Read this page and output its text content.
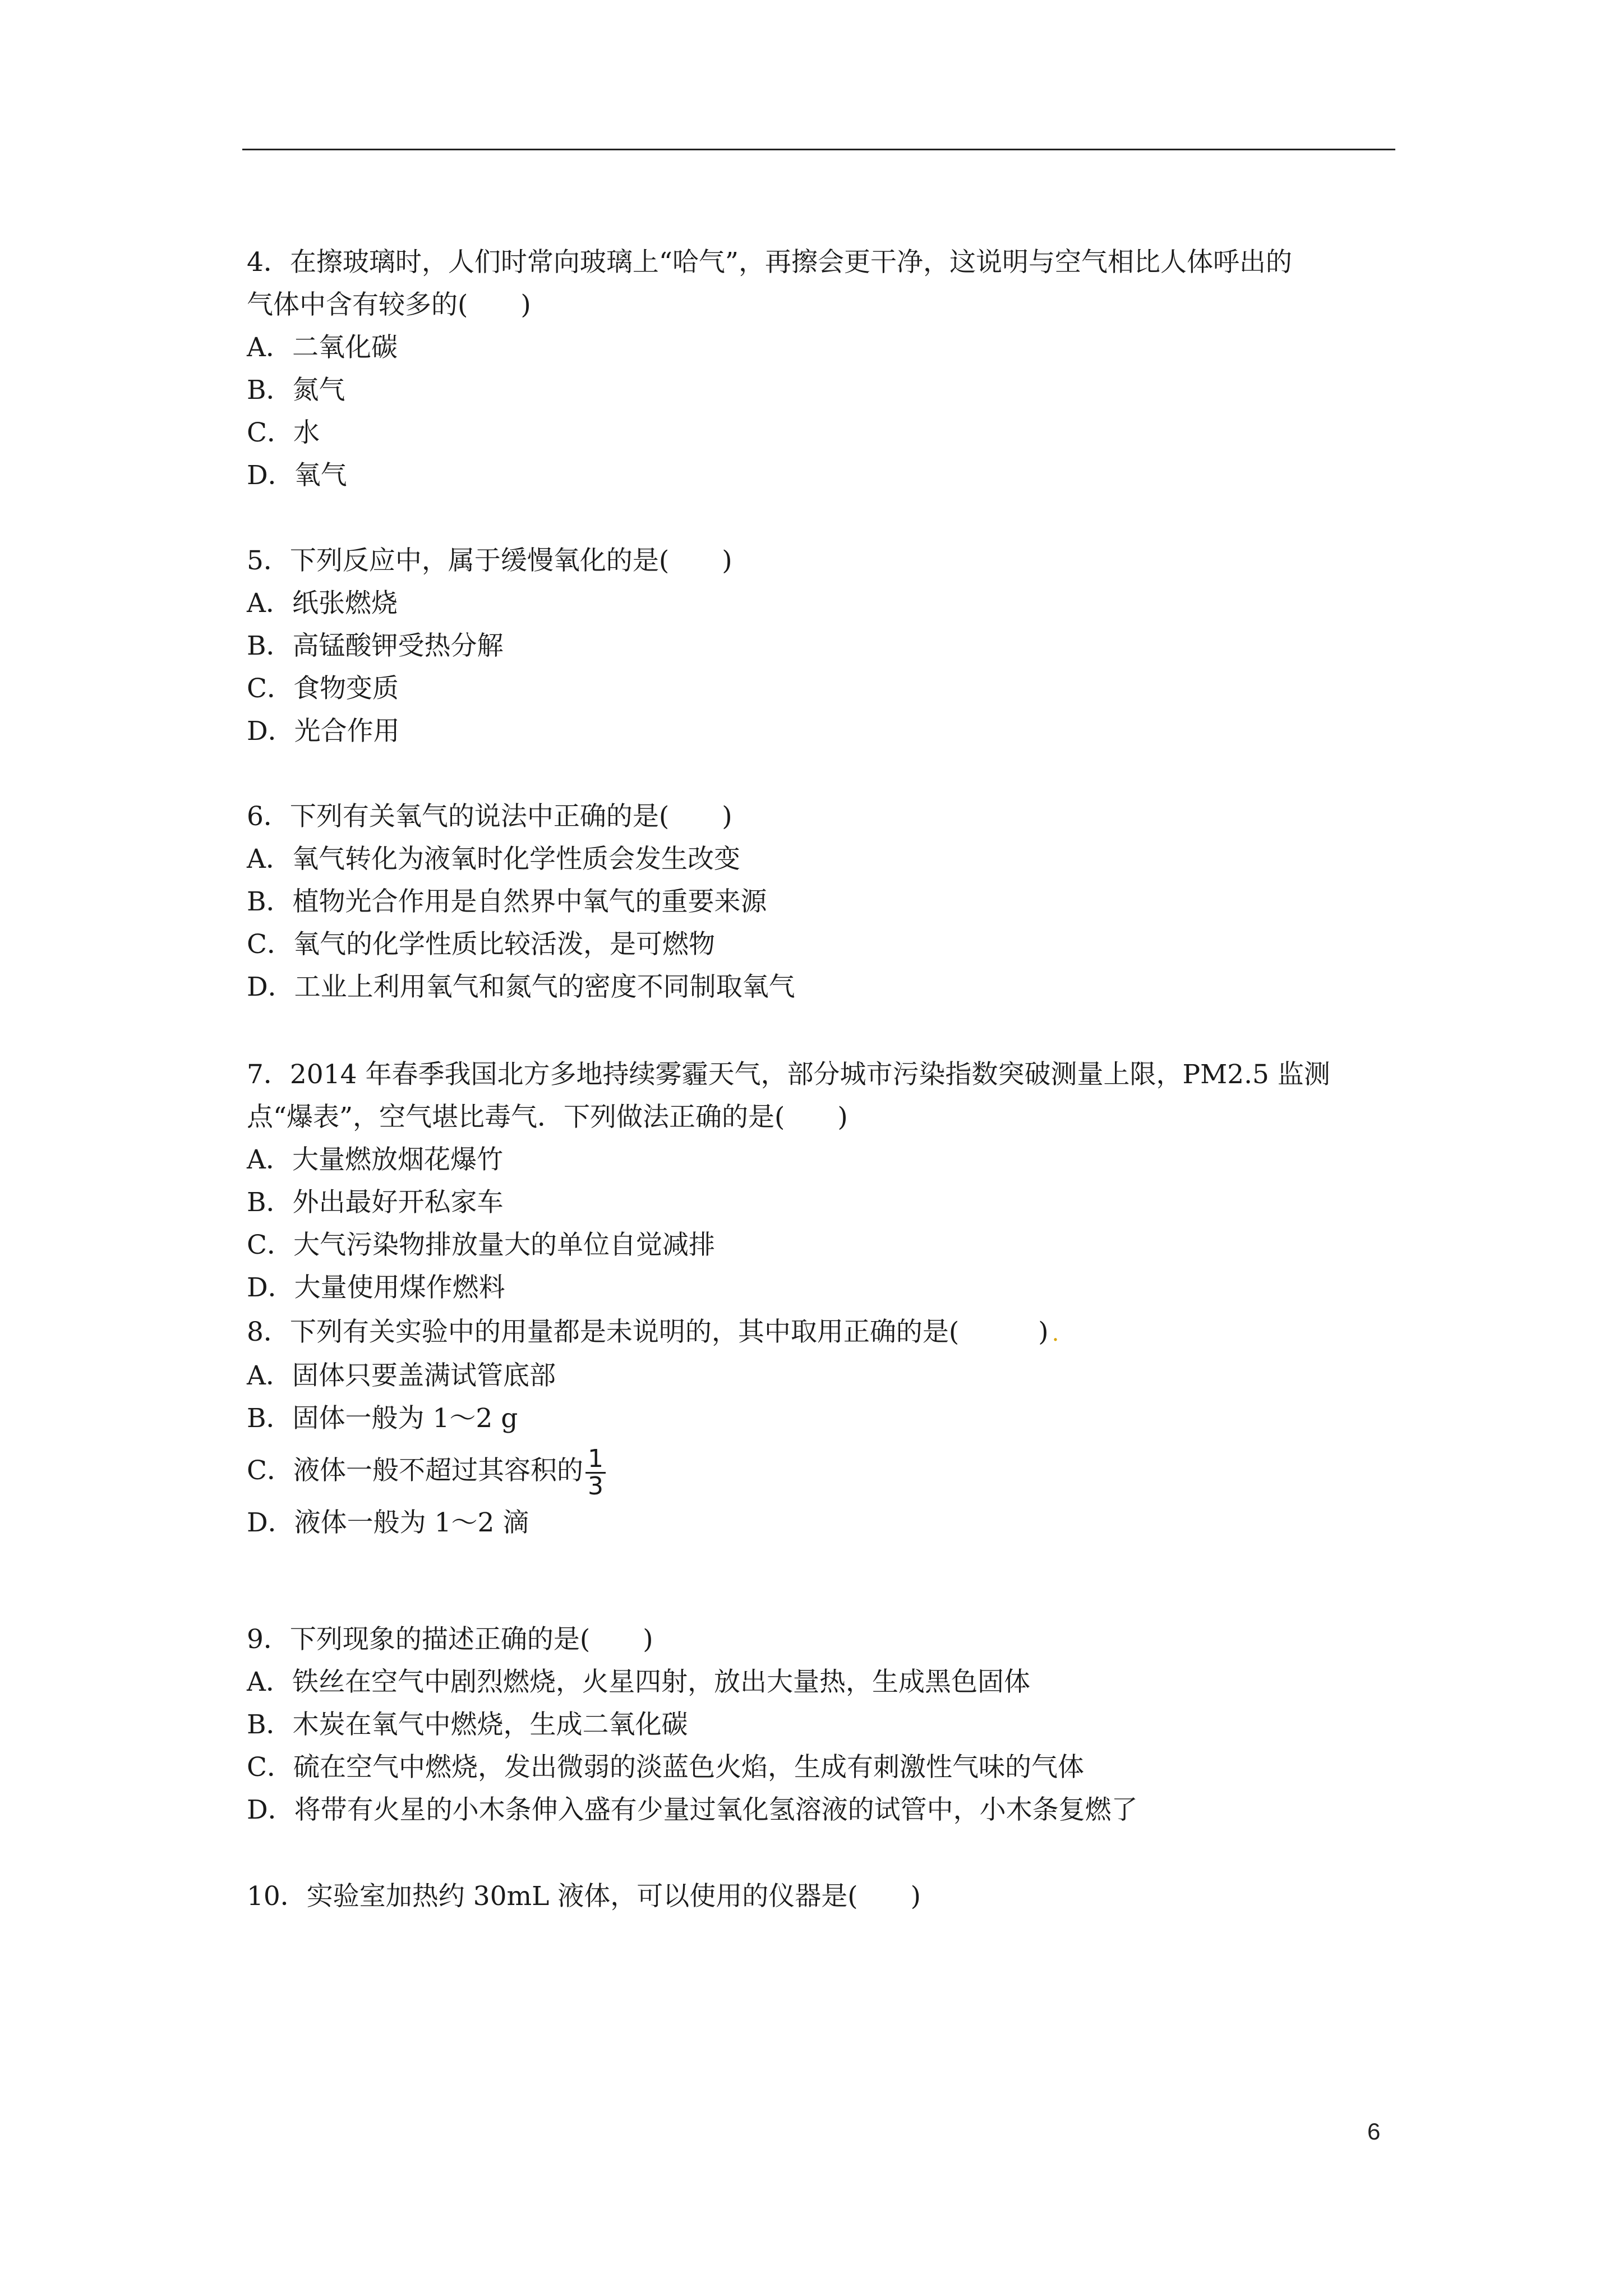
4．在擦玻璃时，人们时常向玻璃上“哈气”，再擦会更干净，这说明与空气相比人体呼出的
气体中含有较多的(　　)
A．二氧化碳
B．氮气
C．水
D．氧气
5．下列反应中，属于缓慢氧化的是(　　)
A．纸张燃烧
B．高锰酸钾受热分解
C．食物变质
D．光合作用
6．下列有关氧气的说法中正确的是(　　)
A．氧气转化为液氧时化学性质会发生改变
B．植物光合作用是自然界中氧气的重要来源
C．氧气的化学性质比较活泼，是可燃物
D．工业上利用氧气和氮气的密度不同制取氧气
7．2014 年春季我国北方多地持续雾霾天气，部分城市污染指数突破测量上限，PM2.5 监测
点“爆表”，空气堪比毒气．下列做法正确的是(　　)
A．大量燃放烟花爆竹
B．外出最好开私家车
C．大气污染物排放量大的单位自觉减排
D．大量使用煤作燃料
8．下列有关实验中的用量都是未说明的，其中取用正确的是(　　　) .
A．固体只要盖满试管底部
B．固体一般为 1～2 g
C．液体一般不超过其容积的 $\frac{1}{3}$
D．液体一般为 1～2 滴
9．下列现象的描述正确的是(　　)
A．铁丝在空气中剧烈燃烧，火星四射，放出大量热，生成黑色固体
B．木炭在氧气中燃烧，生成二氧化碳
C．硫在空气中燃烧，发出微弱的淡蓝色火焰，生成有刺激性气味的气体
D．将带有火星的小木条伸入盛有少量过氧化氢溶液的试管中，小木条复燃了
10．实验室加热约 30mL 液体，可以使用的仪器是(　　)
6
